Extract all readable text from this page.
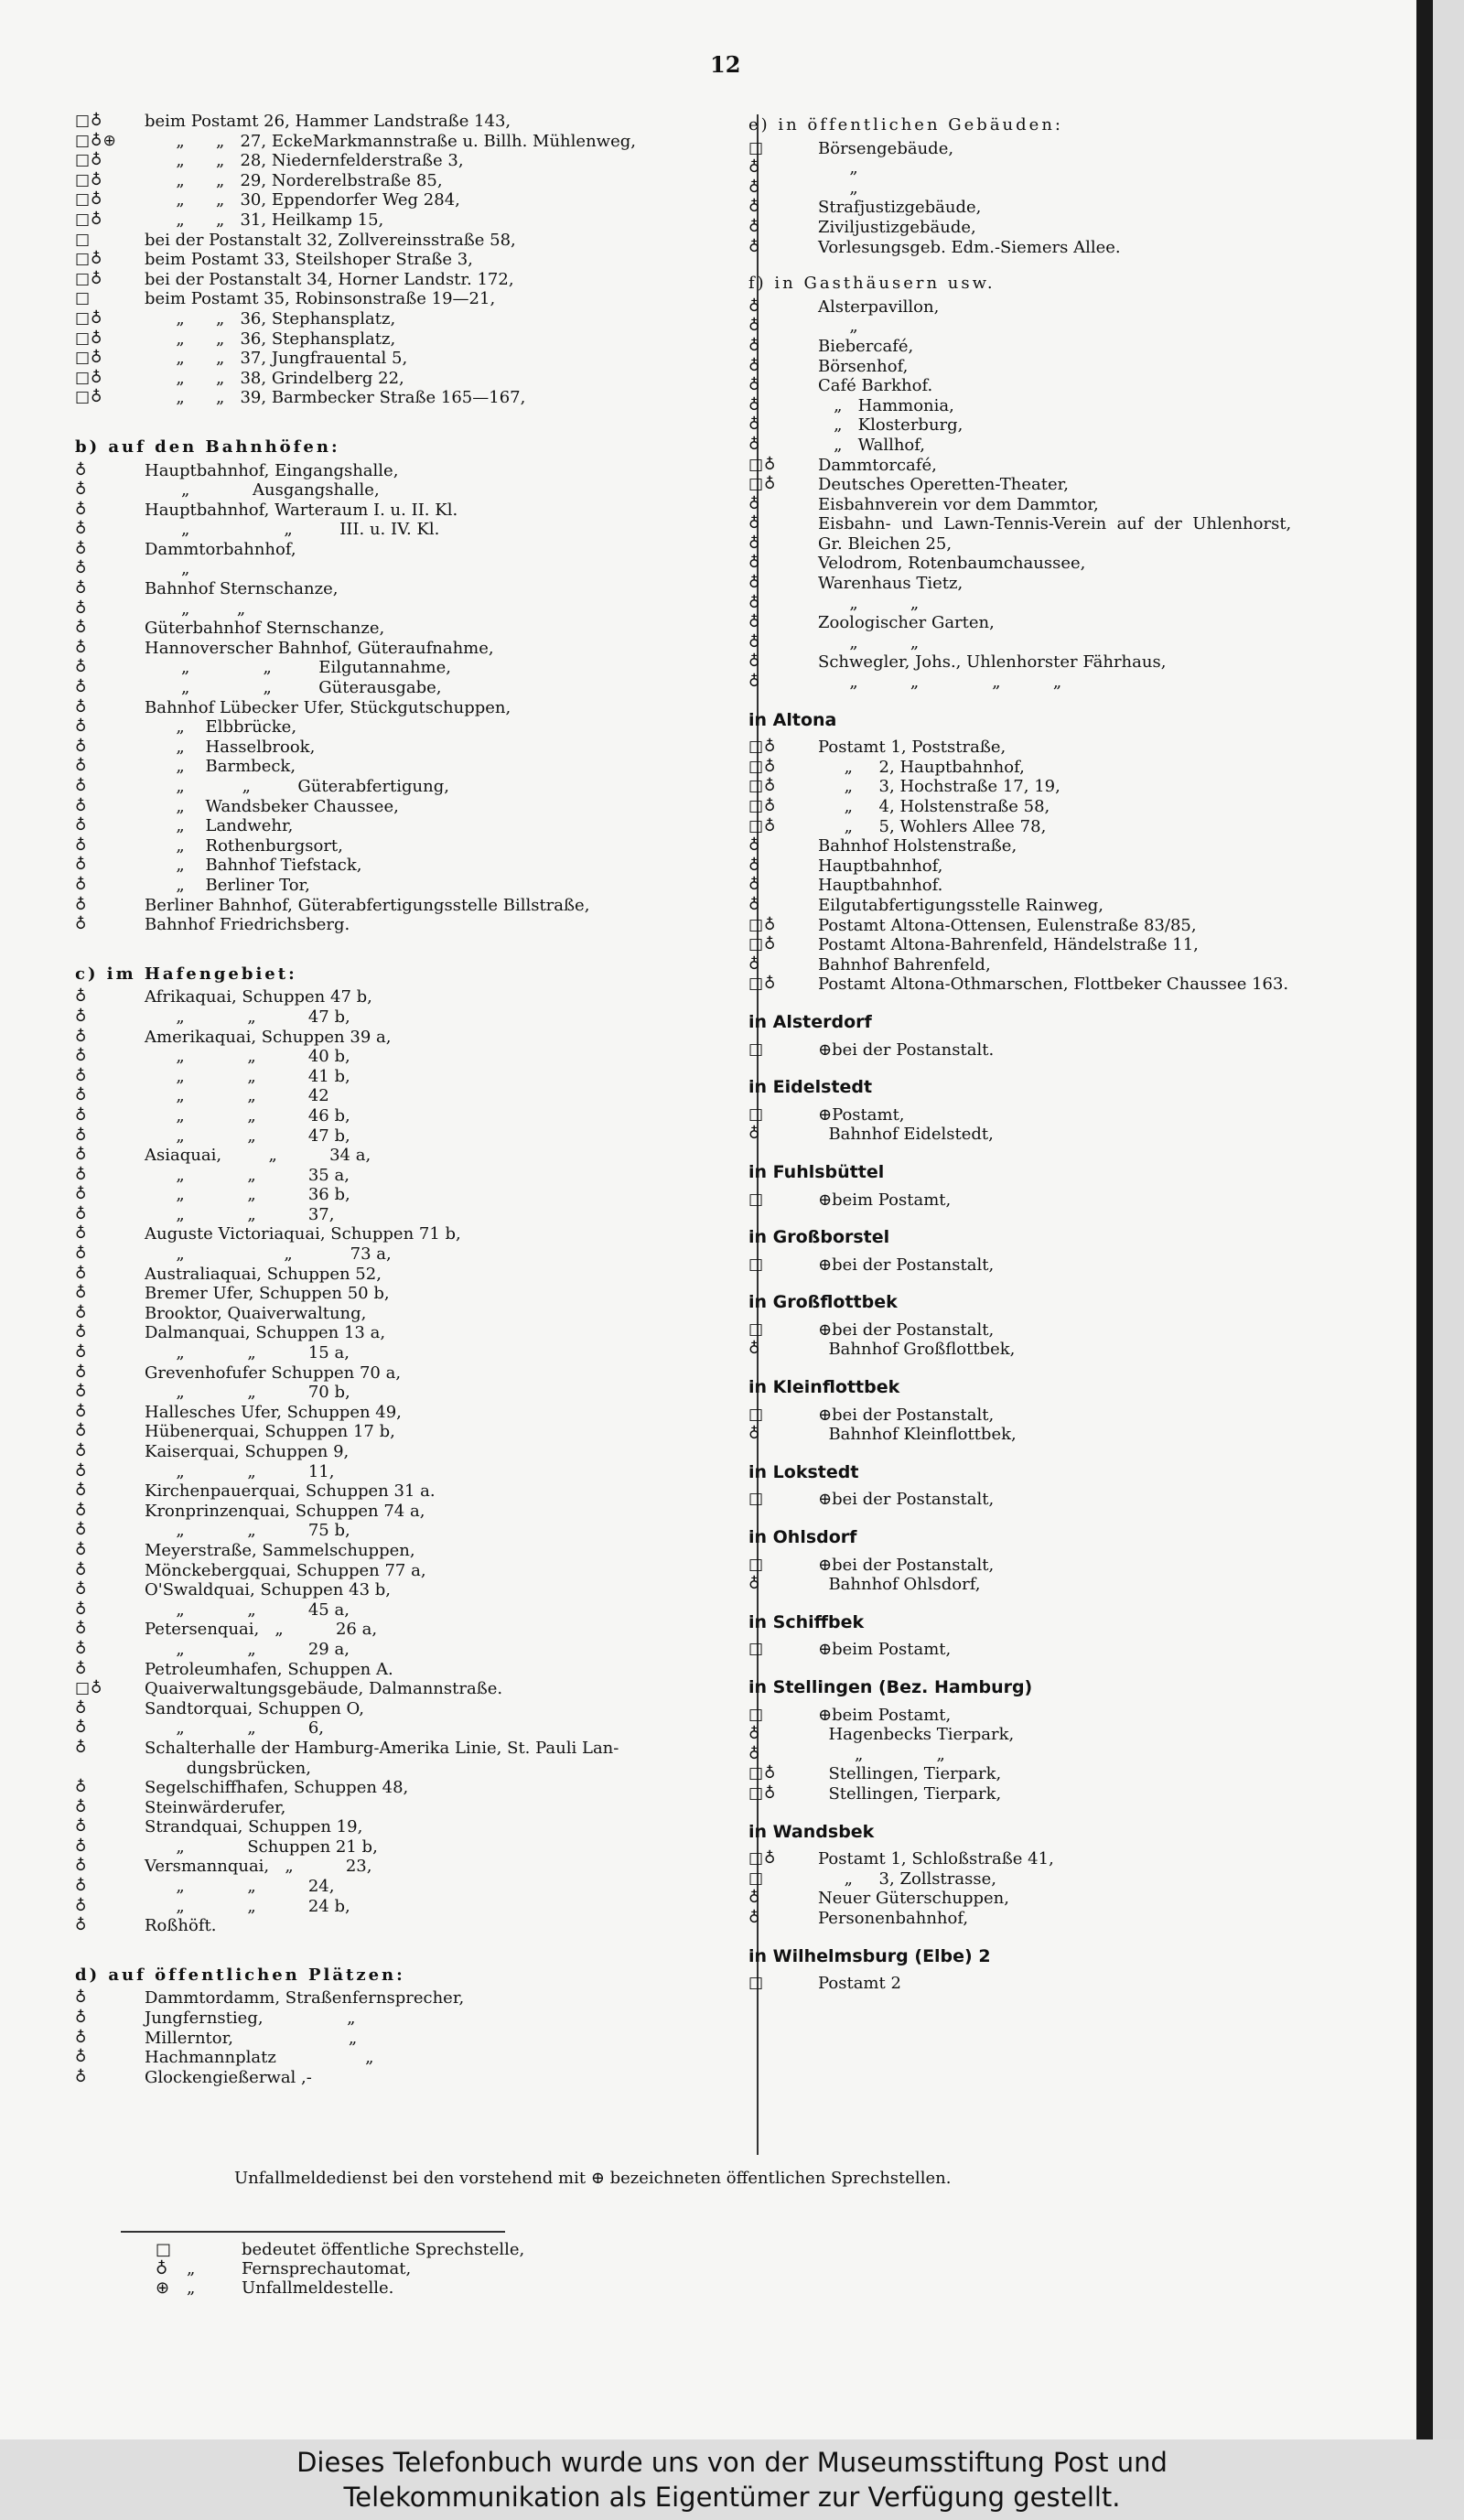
12
□♁	beim Postamt 26, Hammer Landstraße 143,
□♁⊕	„      „   27, EckeMarkmannstraße u. Billh. Mühlenweg,
□♁	„      „   28, Niedernfelderstraße 3,
□♁	„      „   29, Norderelbstraße 85,
□♁	„      „   30, Eppendorfer Weg 284,
□♁	„      „   31, Heilkamp 15,
□	bei der Postanstalt 32, Zollvereinsstraße 58,
□♁	beim Postamt 33, Steilshoper Straße 3,
□♁	bei der Postanstalt 34, Horner Landstr. 172,
□	beim Postamt 35, Robinsonstraße 19—21,
□♁	„      „   36, Stephansplatz,
□♁	„      „   36, Stephansplatz,
□♁	„      „   37, Jungfrauental 5,
□♁	„      „   38, Grindelberg 22,
□♁	„      „   39, Barmbecker Straße 165—167,
b) auf den Bahnhöfen:
♁	Hauptbahnhof, Eingangshalle,
♁	„            Ausgangshalle,
♁	Hauptbahnhof, Warteraum I. u. II. Kl.
♁	„                  „         III. u. IV. Kl.
♁	Dammtorbahnhof,
♁	„
♁	Bahnhof Sternschanze,
♁	„         „
♁	Güterbahnhof Sternschanze,
♁	Hannoverscher Bahnhof, Güteraufnahme,
♁	„              „         Eilgutannahme,
♁	„              „         Güterausgabe,
♁	Bahnhof Lübecker Ufer, Stückgutschuppen,
♁	„    Elbbrücke,
♁	„    Hasselbrook,
♁	„    Barmbeck,
♁	„           „         Güterabfertigung,
♁	„    Wandsbeker Chaussee,
♁	„    Landwehr,
♁	„    Rothenburgsort,
♁	„    Bahnhof Tiefstack,
♁	„    Berliner Tor,
♁	Berliner Bahnhof, Güterabfertigungsstelle Billstraße,
♁	Bahnhof Friedrichsberg.
c) im Hafengebiet:
♁	Afrikaquai, Schuppen 47 b,
♁	„            „          47 b,
♁	Amerikaquai, Schuppen 39 a,
♁	„            „          40 b,
♁	„            „          41 b,
♁	„            „          42
♁	„            „          46 b,
♁	„            „          47 b,
♁	Asiaquai,         „          34 a,
♁	„            „          35 a,
♁	„            „          36 b,
♁	„            „          37,
♁	Auguste Victoriaquai, Schuppen 71 b,
♁	„                   „           73 a,
♁	Australiaquai, Schuppen 52,
♁	Bremer Ufer, Schuppen 50 b,
♁	Brooktor, Quaiverwaltung,
♁	Dalmanquai, Schuppen 13 a,
♁	„            „          15 a,
♁	Grevenhofufer Schuppen 70 a,
♁	„            „          70 b,
♁	Hallesches Ufer, Schuppen 49,
♁	Hübenerquai, Schuppen 17 b,
♁	Kaiserquai, Schuppen 9,
♁	„            „          11,
♁	Kirchenpauerquai, Schuppen 31 a.
♁	Kronprinzenquai, Schuppen 74 a,
♁	„            „          75 b,
♁	Meyerstraße, Sammelschuppen,
♁	Mönckebergquai, Schuppen 77 a,
♁	O'Swaldquai, Schuppen 43 b,
♁	„            „          45 a,
♁	Petersenquai,   „          26 a,
♁	„            „          29 a,
♁	Petroleumhafen, Schuppen A.
□♁	Quaiverwaltungsgebäude, Dalmannstraße.
♁	Sandtorquai, Schuppen O,
♁	„            „          6,
♁	Schalterhalle der Hamburg-Amerika Linie, St. Pauli Lan-
dungsbrücken,
♁	Segelschiffhafen, Schuppen 48,
♁	Steinwärderufer,
♁	Strandquai, Schuppen 19,
♁	„            Schuppen 21 b,
♁	Versmannquai,   „          23,
♁	„            „          24,
♁	„            „          24 b,
♁	Roßhöft.
d) auf öffentlichen Plätzen:
♁	Dammtordamm, Straßenfernsprecher,
♁	Jungfernstieg,                „
♁	Millerntor,                      „
♁	Hachmannplatz                 „
♁	Glockengießerwal ,-
e) in öffentlichen Gebäuden:
□	Börsengebäude,
♁	„
♁	„
♁	Strafjustizgebäude,
♁	Ziviljustizgebäude,
♁	Vorlesungsgeb. Edm.-Siemers Allee.
f) in Gasthäusern usw.
♁	Alsterpavillon,
♁	„
♁	Biebercafé,
♁	Börsenhof,
♁	Café Barkhof.
♁	„   Hammonia,
♁	„   Klosterburg,
♁	„   Wallhof,
□♁	Dammtorcafé,
□♁	Deutsches Operetten-Theater,
♁	Eisbahnverein vor dem Dammtor,
♁	Eisbahn-  und  Lawn-Tennis-Verein  auf  der  Uhlenhorst,
♁	Gr. Bleichen 25,
♁	Velodrom, Rotenbaumchaussee,
♁	Warenhaus Tietz,
♁	„          „
♁	Zoologischer Garten,
♁	„          „
♁	Schwegler, Johs., Uhlenhorster Fährhaus,
♁	„          „              „          „
in Altona
□♁	Postamt 1, Poststraße,
□♁	„     2, Hauptbahnhof,
□♁	„     3, Hochstraße 17, 19,
□♁	„     4, Holstenstraße 58,
□♁	„     5, Wohlers Allee 78,
♁	Bahnhof Holstenstraße,
♁	Hauptbahnhof,
♁	Hauptbahnhof.
♁	Eilgutabfertigungsstelle Rainweg,
□♁	Postamt Altona-Ottensen, Eulenstraße 83/85,
□♁	Postamt Altona-Bahrenfeld, Händelstraße 11,
♁	Bahnhof Bahrenfeld,
□♁	Postamt Altona-Othmarschen, Flottbeker Chaussee 163.
in Alsterdorf
□	⊕bei der Postanstalt.
in Eidelstedt
□	⊕Postamt,
♁	Bahnhof Eidelstedt,
in Fuhlsbüttel
□	⊕beim Postamt,
in Großborstel
□	⊕bei der Postanstalt,
in Großflottbek
□	⊕bei der Postanstalt,
♁	Bahnhof Großflottbek,
in Kleinflottbek
□	⊕bei der Postanstalt,
♁	Bahnhof Kleinflottbek,
in Lokstedt
□	⊕bei der Postanstalt,
in Ohlsdorf
□	⊕bei der Postanstalt,
♁	Bahnhof Ohlsdorf,
in Schiffbek
□	⊕beim Postamt,
in Stellingen (Bez. Hamburg)
□	⊕beim Postamt,
♁	Hagenbecks Tierpark,
♁	„              „
□♁	Stellingen, Tierpark,
□♁	Stellingen, Tierpark,
in Wandsbek
□♁	Postamt 1, Schloßstraße 41,
□	„     3, Zollstrasse,
♁	Neuer Güterschuppen,
♁	Personenbahnhof,
in Wilhelmsburg (Elbe) 2
□	Postamt 2
Unfallmeldedienst bei den vorstehend mit ⊕ bezeichneten öffentlichen Sprechstellen.
□	bedeutet öffentliche Sprechstelle,
♁	„	Fernsprechautomat,
⊕	„	Unfallmeldestelle.
Dieses Telefonbuch wurde uns von der Museumsstiftung Post und
Telekommunikation als Eigentümer zur Verfügung gestellt.
